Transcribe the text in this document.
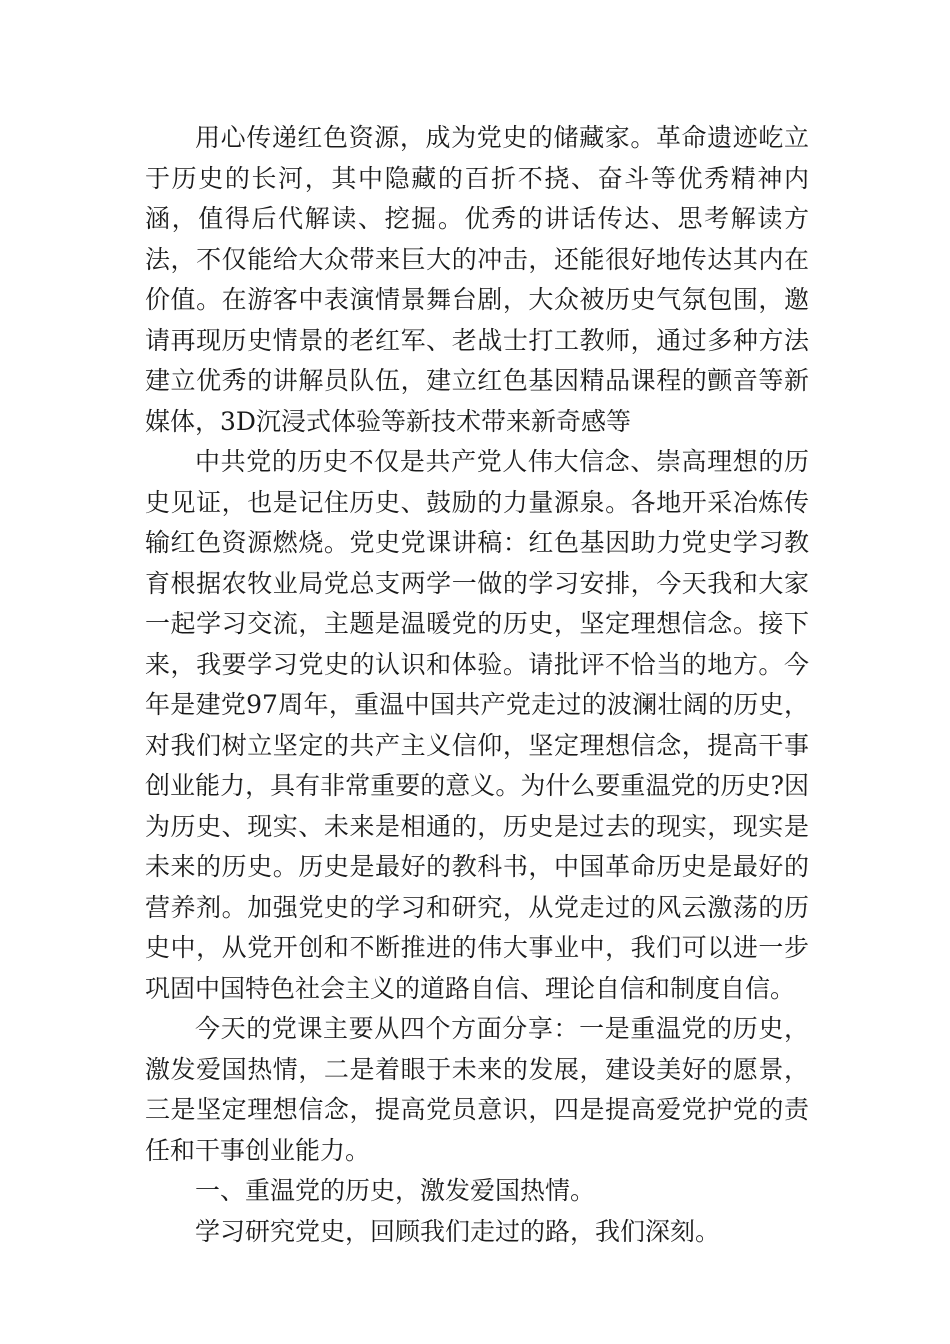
用心传递红色资源，成为党史的储藏家。革命遗迹屹立于历史的长河，其中隐藏的百折不挠、奋斗等优秀精神内涵，值得后代解读、挖掘。优秀的讲话传达、思考解读方法，不仅能给大众带来巨大的冲击，还能很好地传达其内在价值。在游客中表演情景舞台剧，大众被历史气氛包围，邀请再现历史情景的老红军、老战士打工教师，通过多种方法建立优秀的讲解员队伍，建立红色基因精品课程的颤音等新媒体，3D沉浸式体验等新技术带来新奇感等

中共党的历史不仅是共产党人伟大信念、崇高理想的历史见证，也是记住历史、鼓励的力量源泉。各地开采冶炼传输红色资源燃烧。党史党课讲稿：红色基因助力党史学习教育根据农牧业局党总支两学一做的学习安排，今天我和大家一起学习交流，主题是温暖党的历史，坚定理想信念。接下来，我要学习党史的认识和体验。请批评不恰当的地方。今年是建党97周年，重温中国共产党走过的波澜壮阔的历史，对我们树立坚定的共产主义信仰，坚定理想信念，提高干事创业能力，具有非常重要的意义。为什么要重温党的历史?因为历史、现实、未来是相通的，历史是过去的现实，现实是未来的历史。历史是最好的教科书，中国革命历史是最好的营养剂。加强党史的学习和研究，从党走过的风云激荡的历史中，从党开创和不断推进的伟大事业中，我们可以进一步巩固中国特色社会主义的道路自信、理论自信和制度自信。

今天的党课主要从四个方面分享：一是重温党的历史，激发爱国热情，二是着眼于未来的发展，建设美好的愿景，三是坚定理想信念，提高党员意识，四是提高爱党护党的责任和干事创业能力。

一、重温党的历史，激发爱国热情。

学习研究党史，回顾我们走过的路，我们深刻。
